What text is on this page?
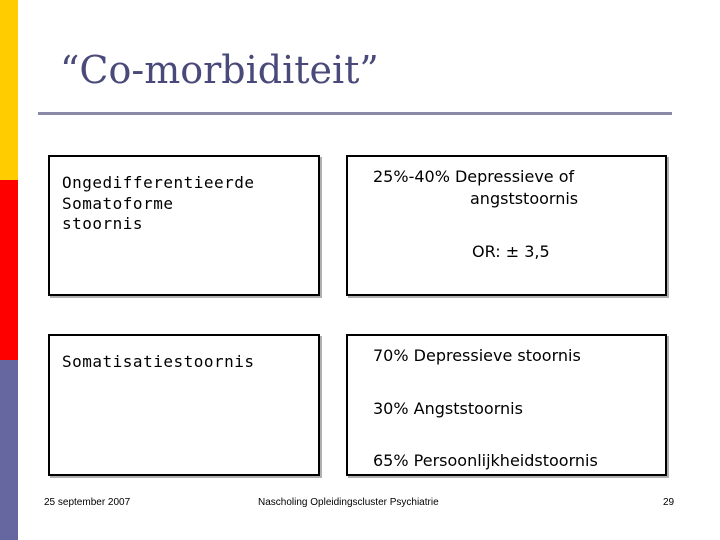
“Co-morbiditeit”
Ongedifferentieerde
Somatoforme
stoornis
25%-40% Depressieve of
angststoornis
OR: ± 3,5
Somatisatiestoornis	70% Depressieve stoornis
30% Angststoornis
65% Persoonlijkheidstoornis
25 september 2007	Nascholing Opleidingscluster Psychiatrie	29
